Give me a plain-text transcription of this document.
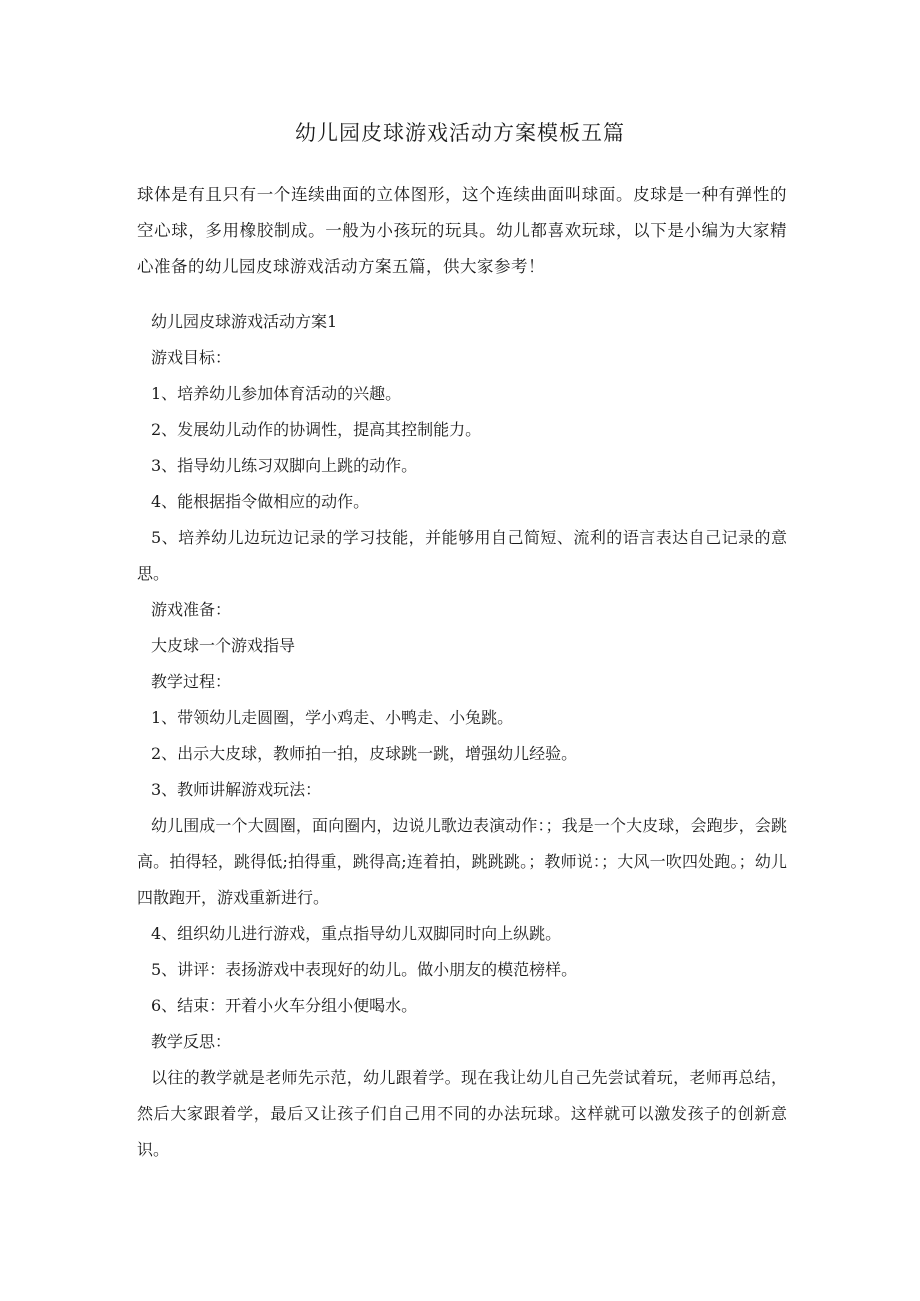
幼儿园皮球游戏活动方案模板五篇

球体是有且只有一个连续曲面的立体图形，这个连续曲面叫球面。皮球是一种有弹性的空心球，多用橡胶制成。一般为小孩玩的玩具。幼儿都喜欢玩球，以下是小编为大家精心准备的幼儿园皮球游戏活动方案五篇，供大家参考！

幼儿园皮球游戏活动方案1

游戏目标：

1、培养幼儿参加体育活动的兴趣。

2、发展幼儿动作的协调性，提高其控制能力。

3、指导幼儿练习双脚向上跳的动作。

4、能根据指令做相应的动作。

5、培养幼儿边玩边记录的学习技能，并能够用自己简短、流利的语言表达自己记录的意思。

游戏准备：

大皮球一个游戏指导

教学过程：

1、带领幼儿走圆圈，学小鸡走、小鸭走、小兔跳。

2、出示大皮球，教师拍一拍，皮球跳一跳，增强幼儿经验。

3、教师讲解游戏玩法：

幼儿围成一个大圆圈，面向圈内，边说儿歌边表演动作：；我是一个大皮球，会跑步，会跳高。拍得轻，跳得低;拍得重，跳得高;连着拍，跳跳跳。；教师说：；大风一吹四处跑。；幼儿四散跑开，游戏重新进行。

4、组织幼儿进行游戏，重点指导幼儿双脚同时向上纵跳。

5、讲评：表扬游戏中表现好的幼儿。做小朋友的模范榜样。

6、结束：开着小火车分组小便喝水。

教学反思：

以往的教学就是老师先示范，幼儿跟着学。现在我让幼儿自己先尝试着玩，老师再总结，然后大家跟着学，最后又让孩子们自己用不同的办法玩球。这样就可以激发孩子的创新意识。
